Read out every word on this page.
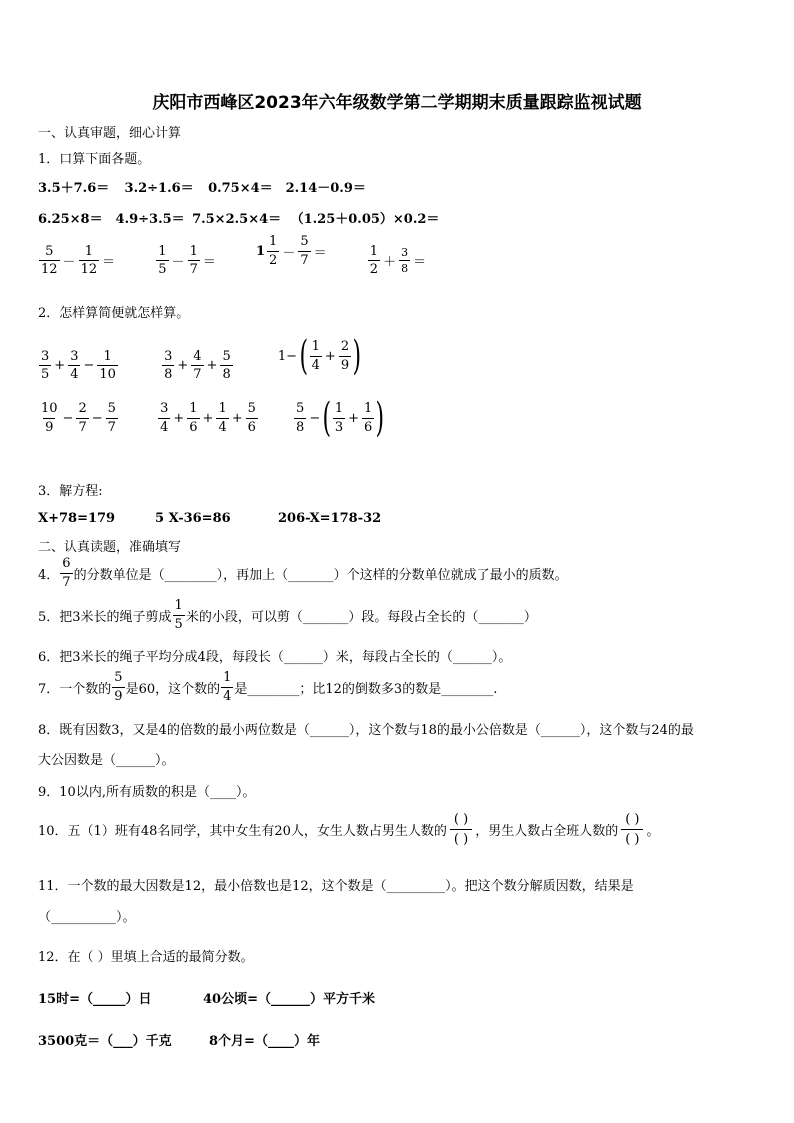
庆阳市西峰区2023年六年级数学第二学期期末质量跟踪监视试题
一、认真审题，细心计算
1．口算下面各题。
3.5＋7.6＝ 3.2÷1.6＝ 0.75×4＝ 2.14－0.9＝
6.25×8＝ 4.9÷3.5＝ 7.5×2.5×4＝ （1.25＋0.05）×0.2＝
$\frac{5}{12} - \frac{1}{12}$ ＝
	$\frac{1}{5} - \frac{1}{7}$ ＝

$1 \frac{1}{2} - \frac{5}{7}$ ＝
	$\frac{1}{2} + \frac{3}{8}$ ＝
2．怎样算简便就怎样算。
$\frac{3}{5} + \frac{3}{4} - \frac{1}{10}$
	$\frac{3}{8} + \frac{4}{7} + \frac{5}{8}$
	1− ( $\frac{1}{4} + \frac{2}{9}$ )
$\frac{10}{9} - \frac{2}{7} - \frac{5}{7}$
	$\frac{3}{4} + \frac{1}{6} + \frac{1}{4} + \frac{5}{6}$
	$\frac{5}{8}$ − ( $\frac{1}{3} + \frac{1}{6}$ )
3．解方程:
X+78=179	5 X-36=86	206-X=178-32
二、认真读题，准确填写
4． $\frac{6}{7}$ 的分数单位是（________），再加上（_______）个这样的分数单位就成了最小的质数。
5．把3米长的绳子剪成 $\frac{1}{5}$ 米的小段，可以剪（_______）段。每段占全长的（_______）
6．把3米长的绳子平均分成4段，每段长（______）米，每段占全长的（______）。
7．一个数的 $\frac{5}{9}$ 是60，这个数的 $\frac{1}{4}$ 是________；比12的倒数多3的数是________.
8．既有因数3，又是4的倍数的最小两位数是（______），这个数与18的最小公倍数是（______），这个数与24的最
大公因数是（______）。
9．10以内,所有质数的积是（____）。
10．五（1）班有48名同学，其中女生有20人，女生人数占男生人数的 $\frac{( )}{( )}$ ，男生人数占全班人数的 $\frac{( )}{( )}$ 。
11．一个数的最大因数是12，最小倍数也是12，这个数是（_________）。把这个数分解质因数，结果是
（__________）。
12．在（ ）里填上合适的最简分数。
15时=（_____）日	40公顷=（______）平方千米
3500克＝（___）千克	8个月=（____）年
